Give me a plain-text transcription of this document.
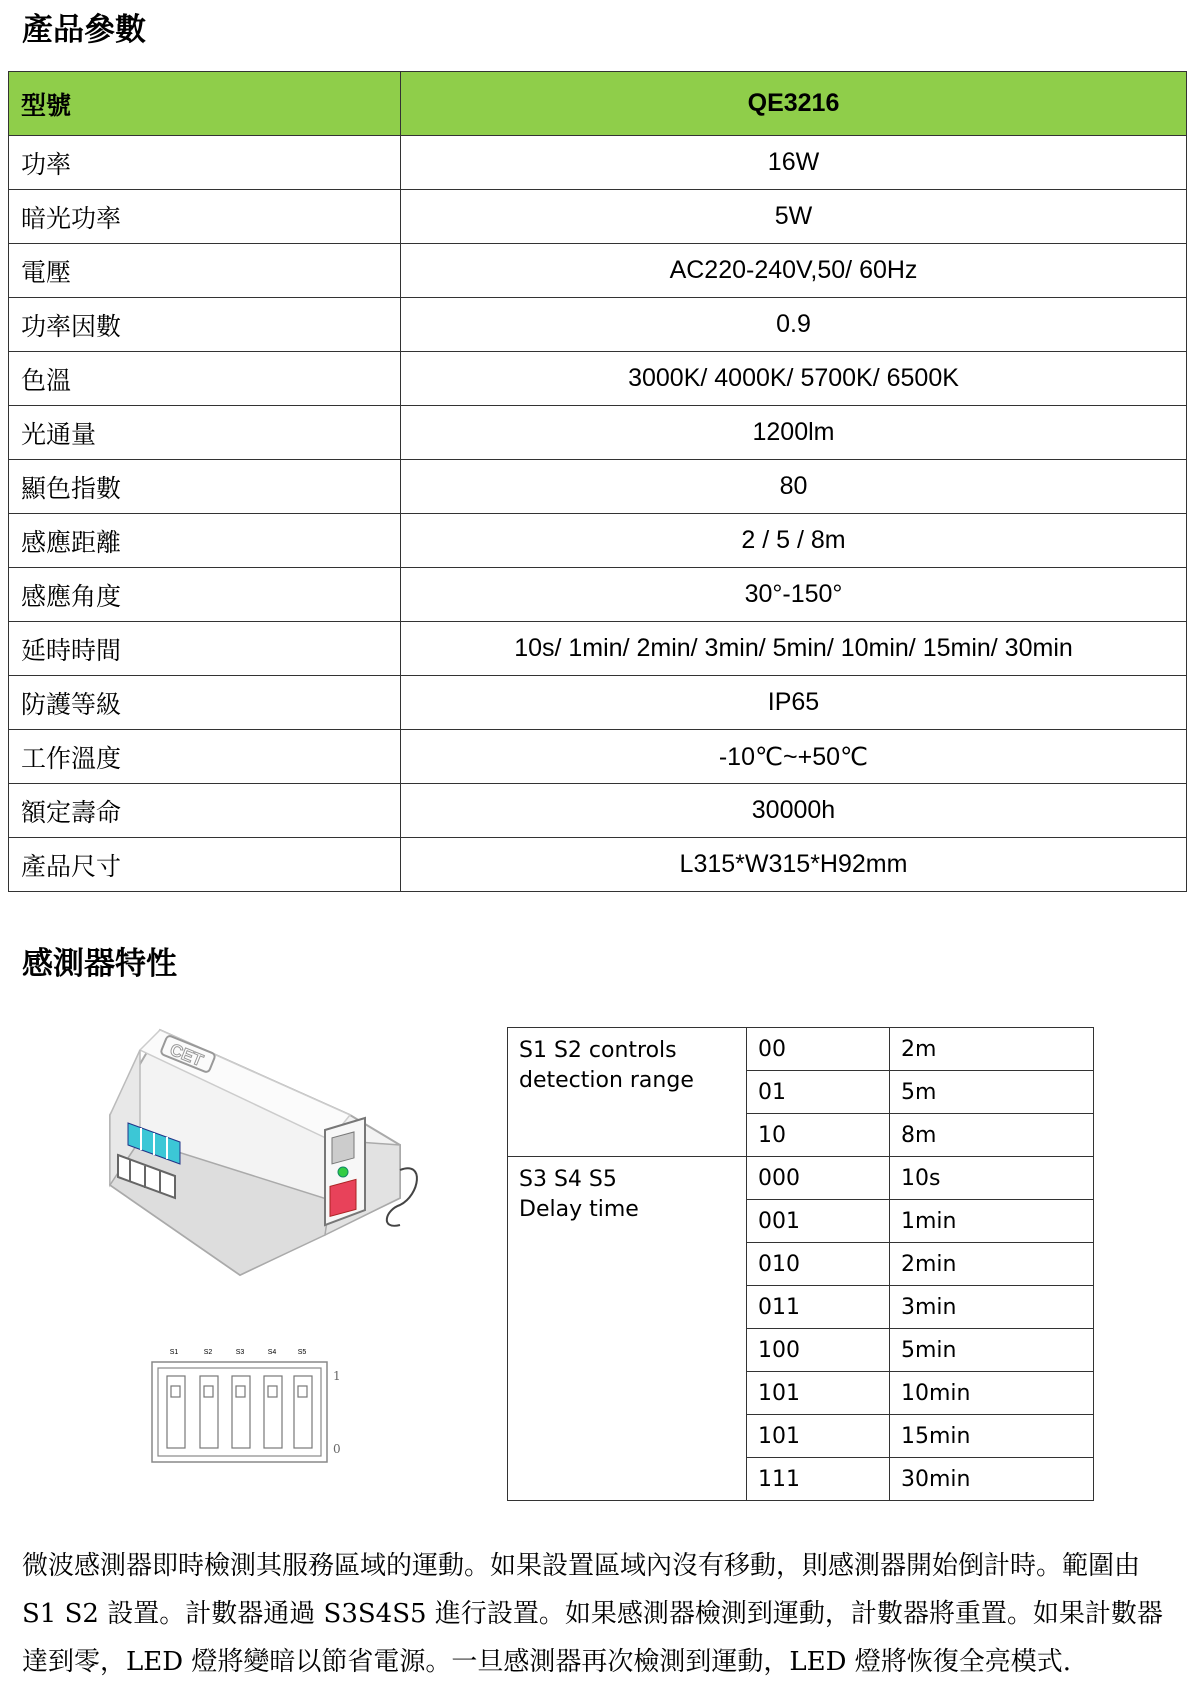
產品參數
型號	QE3216
功率	16W
暗光功率	5W
電壓	AC220-240V,50/ 60Hz
功率因數	0.9
色溫	3000K/ 4000K/ 5700K/ 6500K
光通量	1200lm
顯色指數	80
感應距離	2 / 5 / 8m
感應角度	30°-150°
延時時間	10s/ 1min/ 2min/ 3min/ 5min/ 10min/ 15min/ 30min
防護等級	IP65
工作溫度	-10℃~+50℃
額定壽命	30000h
產品尺寸	L315*W315*H92mm
感測器特性
CET
S1	S2	S3	S4	S5
1
0
S1 S2 controls
detection range	00	2m
	01	5m
	10	8m

S3 S4 S5
Delay time	000	10s
	001	1min
	010	2min
	011	3min
	100	5min
	101	10min
	101	15min
	111	30min

微波感測器即時檢測其服務區域的運動。如果設置區域內沒有移動，則感測器開始倒計時。範圍由 S1 S2 設置。計數器通過 S3S4S5 進行設置。如果感測器檢測到運動，計數器將重置。如果計數器達到零，LED 燈將變暗以節省電源。一旦感測器再次檢測到運動，LED 燈將恢復全亮模式.
